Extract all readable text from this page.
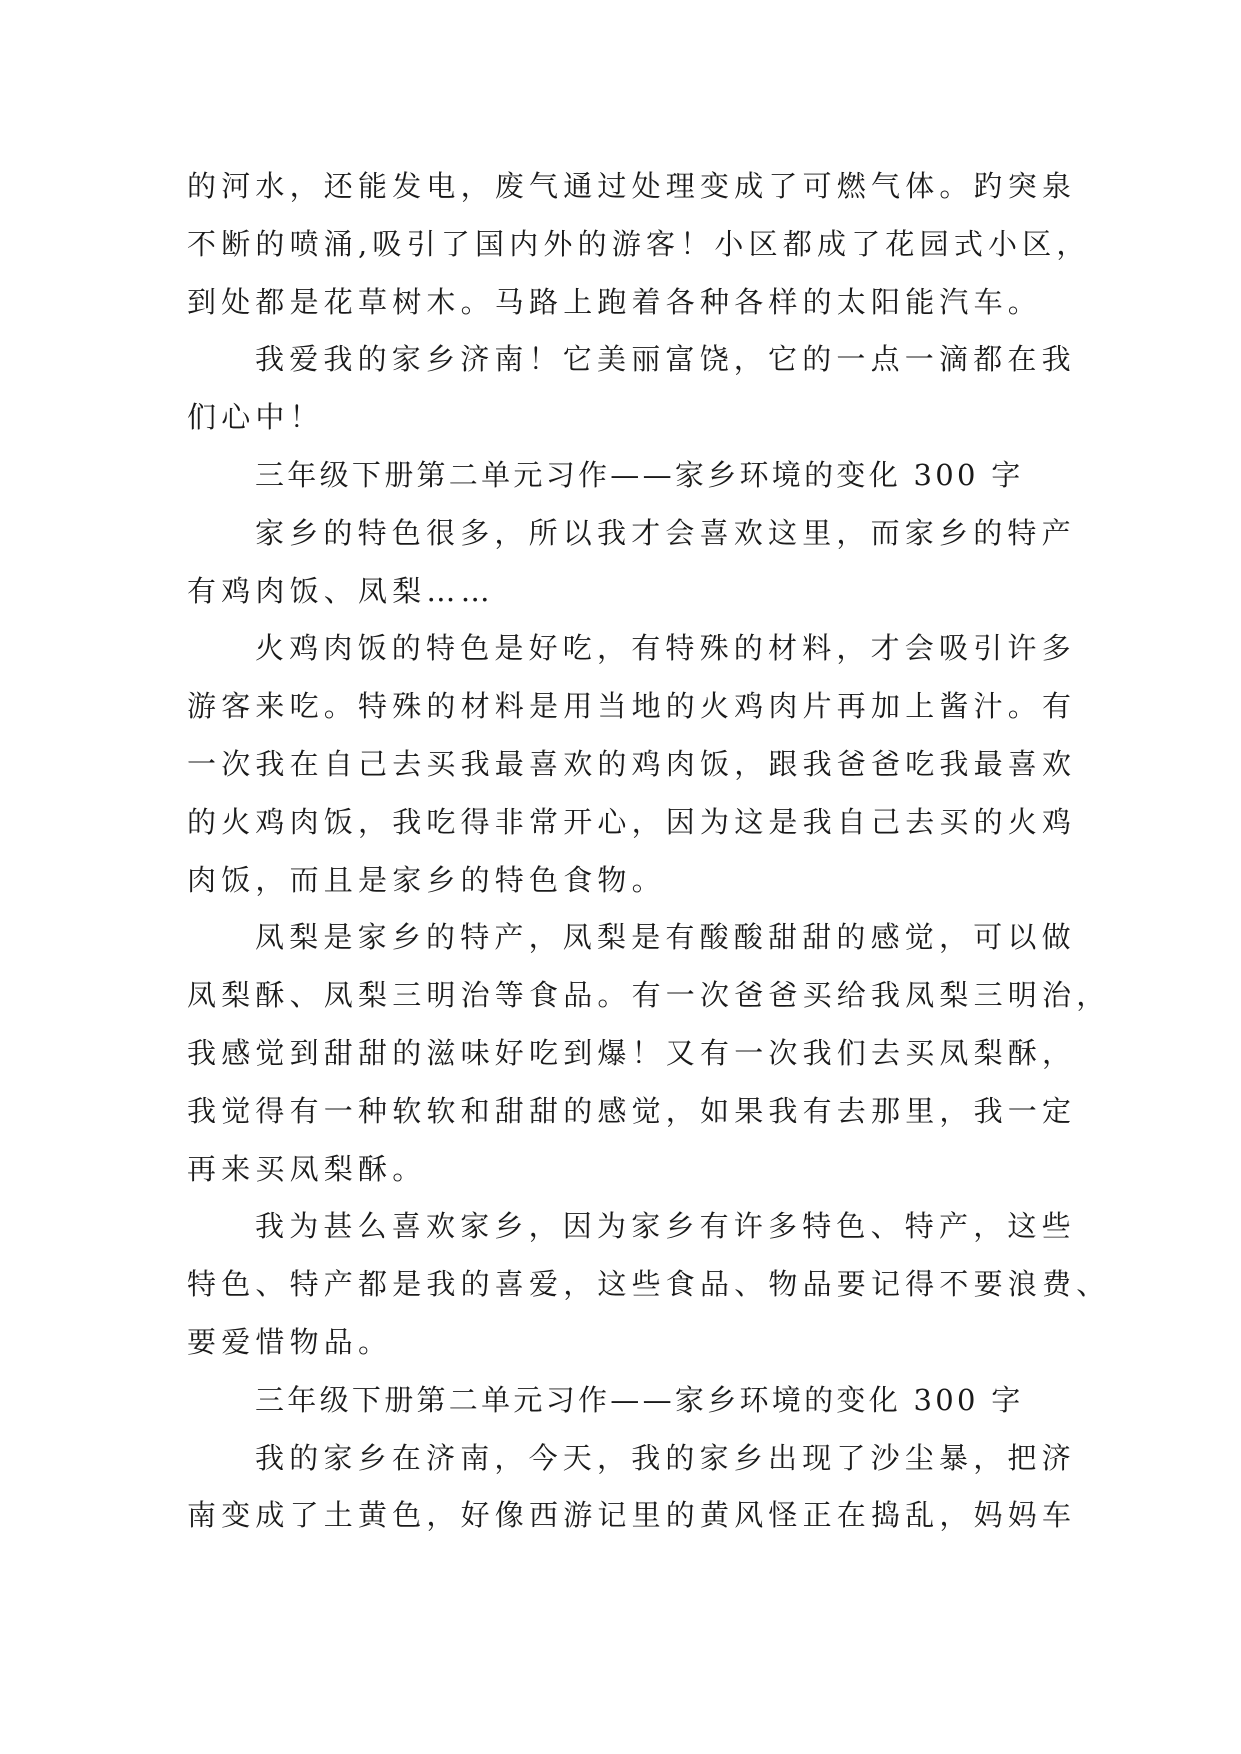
的河水，还能发电，废气通过处理变成了可燃气体。趵突泉
不断的喷涌,吸引了国内外的游客！小区都成了花园式小区，
到处都是花草树木。马路上跑着各种各样的太阳能汽车。

我爱我的家乡济南！它美丽富饶，它的一点一滴都在我
们心中！

三年级下册第二单元习作——家乡环境的变化 300 字

家乡的特色很多，所以我才会喜欢这里，而家乡的特产
有鸡肉饭、凤梨……

火鸡肉饭的特色是好吃，有特殊的材料，才会吸引许多
游客来吃。特殊的材料是用当地的火鸡肉片再加上酱汁。有
一次我在自己去买我最喜欢的鸡肉饭，跟我爸爸吃我最喜欢
的火鸡肉饭，我吃得非常开心，因为这是我自己去买的火鸡
肉饭，而且是家乡的特色食物。

凤梨是家乡的特产，凤梨是有酸酸甜甜的感觉，可以做
凤梨酥、凤梨三明治等食品。有一次爸爸买给我凤梨三明治，
我感觉到甜甜的滋味好吃到爆！又有一次我们去买凤梨酥，
我觉得有一种软软和甜甜的感觉，如果我有去那里，我一定
再来买凤梨酥。

我为甚么喜欢家乡，因为家乡有许多特色、特产，这些
特色、特产都是我的喜爱，这些食品、物品要记得不要浪费、
要爱惜物品。

三年级下册第二单元习作——家乡环境的变化 300 字

我的家乡在济南，今天，我的家乡出现了沙尘暴，把济
南变成了土黄色，好像西游记里的黄风怪正在捣乱，妈妈车
